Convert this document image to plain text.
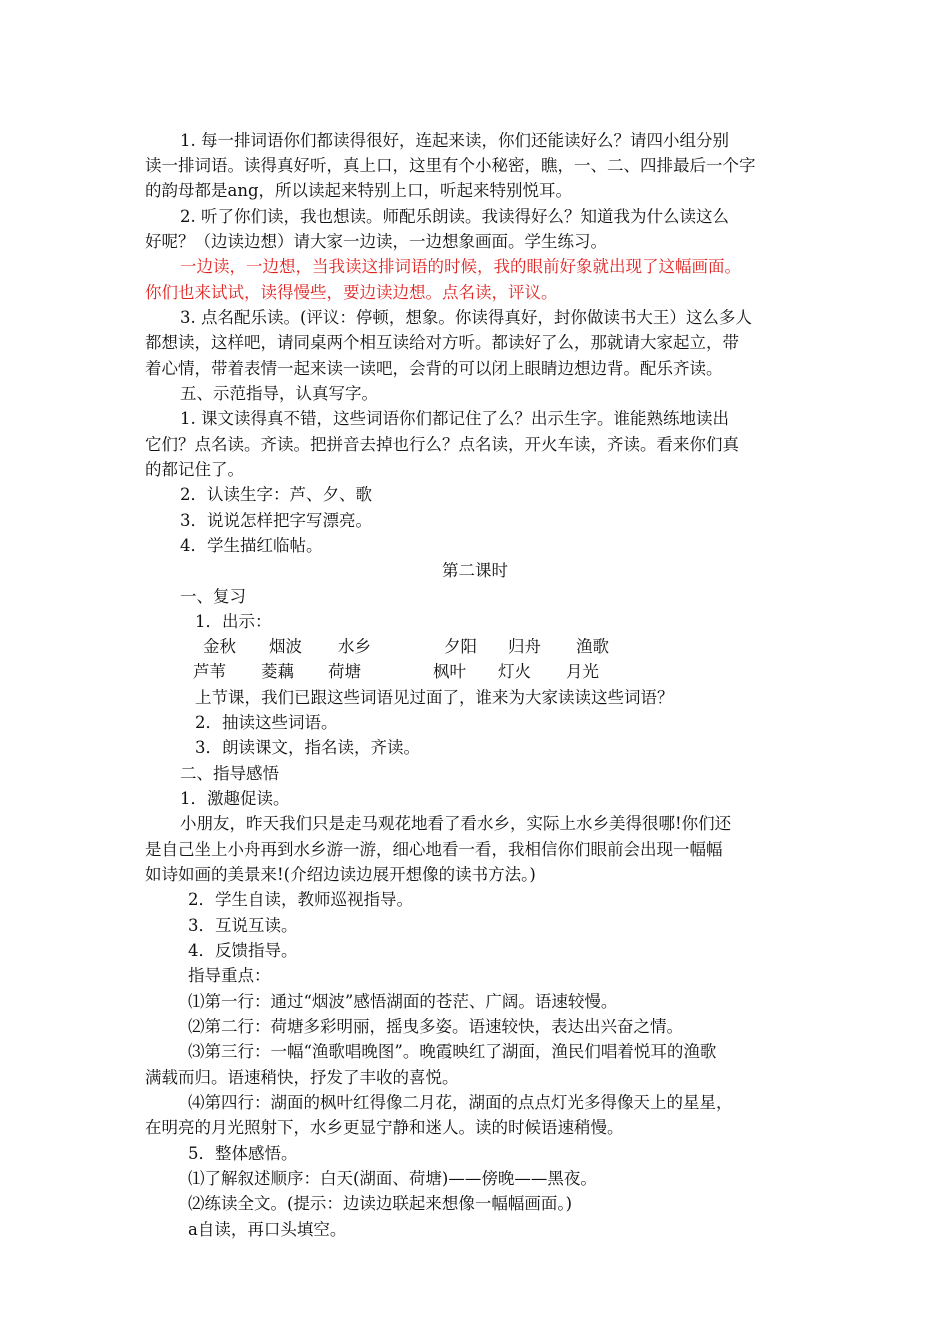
1. 每一排词语你们都读得很好，连起来读，你们还能读好么？请四小组分别
读一排词语。读得真好听，真上口，这里有个小秘密，瞧，一、二、四排最后一个字
的韵母都是ang，所以读起来特别上口，听起来特别悦耳。
2. 听了你们读，我也想读。师配乐朗读。我读得好么？知道我为什么读这么
好呢？（边读边想）请大家一边读，一边想象画面。学生练习。
一边读，一边想，当我读这排词语的时候，我的眼前好象就出现了这幅画面。
你们也来试试，读得慢些，要边读边想。点名读，评议。
3. 点名配乐读。(评议：停顿，想象。你读得真好，封你做读书大王）这么多人
都想读，这样吧，请同桌两个相互读给对方听。都读好了么，那就请大家起立，带
着心情，带着表情一起来读一读吧，会背的可以闭上眼睛边想边背。配乐齐读。
五、示范指导，认真写字。
1. 课文读得真不错，这些词语你们都记住了么？出示生字。谁能熟练地读出
它们？点名读。齐读。把拼音去掉也行么？点名读，开火车读，齐读。看来你们真
的都记住了。
2．认读生字：芦、夕、歌
3．说说怎样把字写漂亮。
4．学生描红临帖。
第二课时
一、复习
1．出示：
金秋 烟波 水乡	夕阳 归舟 渔歌
芦苇 菱藕 荷塘	枫叶 灯火 月光
上节课，我们已跟这些词语见过面了，谁来为大家读读这些词语？
2．抽读这些词语。
3．朗读课文，指名读，齐读。
二、指导感悟
1．激趣促读。
小朋友，昨天我们只是走马观花地看了看水乡，实际上水乡美得很哪!你们还
是自己坐上小舟再到水乡游一游，细心地看一看，我相信你们眼前会出现一幅幅
如诗如画的美景来!(介绍边读边展开想像的读书方法。)
2．学生自读，教师巡视指导。
3．互说互读。
4．反馈指导。
指导重点：
⑴第一行：通过“烟波”感悟湖面的苍茫、广阔。语速较慢。
⑵第二行：荷塘多彩明丽，摇曳多姿。语速较快，表达出兴奋之情。
⑶第三行：一幅“渔歌唱晚图”。晚霞映红了湖面，渔民们唱着悦耳的渔歌
满载而归。语速稍快，抒发了丰收的喜悦。
⑷第四行：湖面的枫叶红得像二月花，湖面的点点灯光多得像天上的星星，
在明亮的月光照射下，水乡更显宁静和迷人。读的时候语速稍慢。
5．整体感悟。
⑴了解叙述顺序：白天(湖面、荷塘)——傍晚——黑夜。
⑵练读全文。(提示：边读边联起来想像一幅幅画面。)
a自读，再口头填空。
